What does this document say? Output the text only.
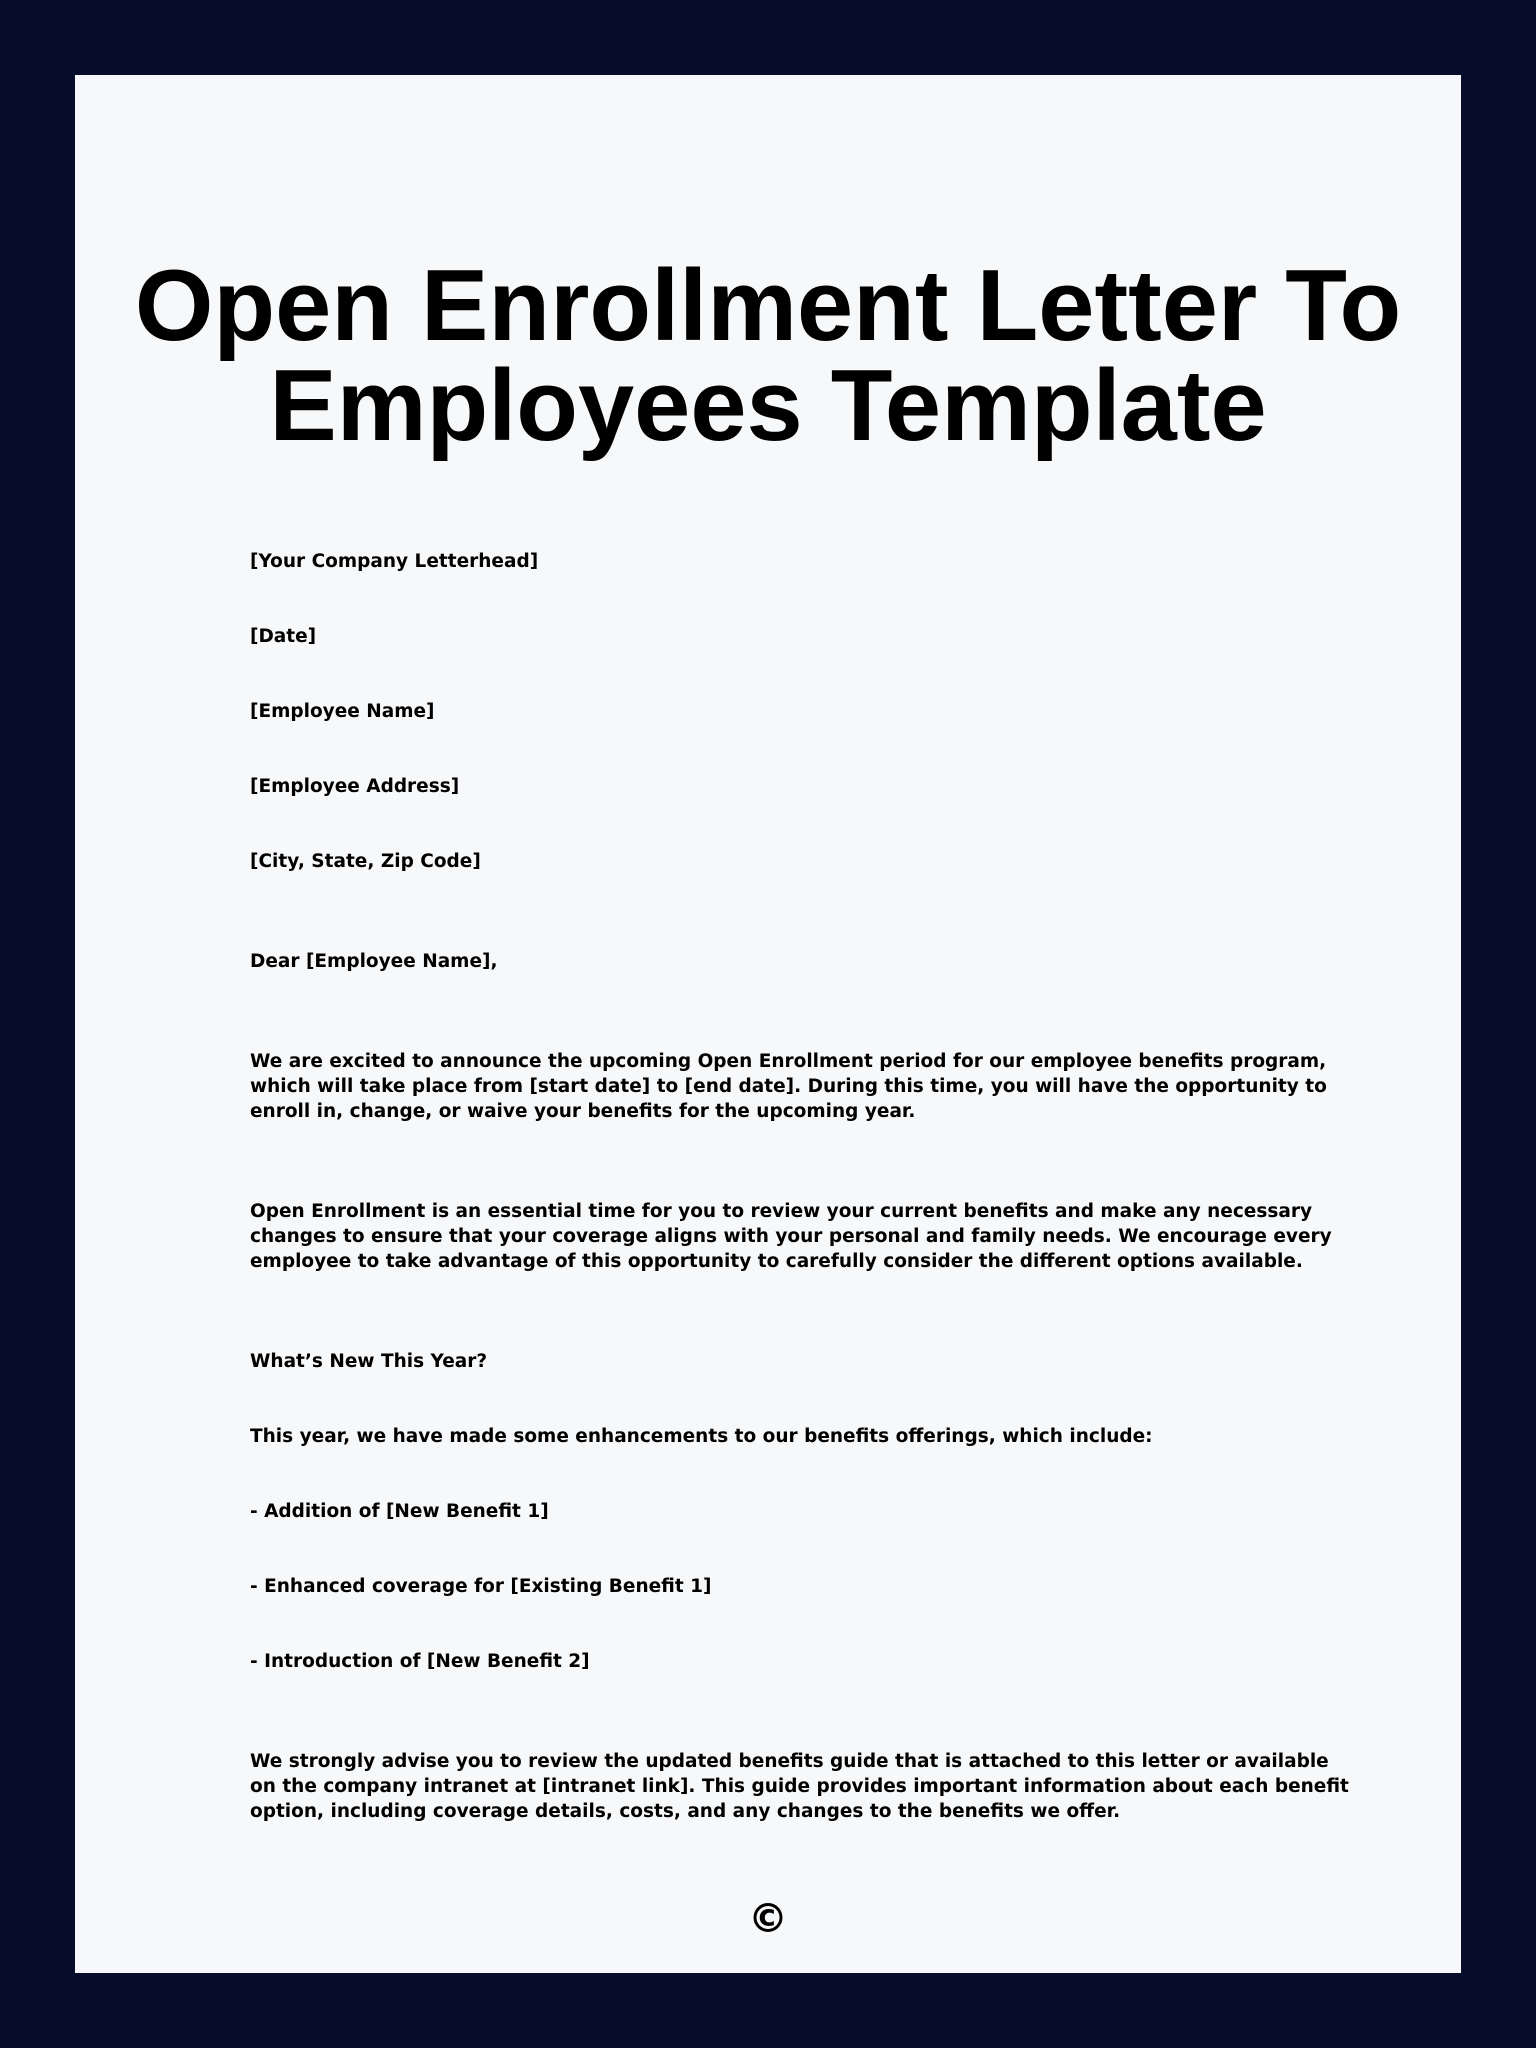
Open Enrollment Letter To Employees Template

[Your Company Letterhead]

[Date]

[Employee Name]

[Employee Address]

[City, State, Zip Code]

Dear [Employee Name],

We are excited to announce the upcoming Open Enrollment period for our employee benefits program, which will take place from [start date] to [end date]. During this time, you will have the opportunity to enroll in, change, or waive your benefits for the upcoming year.

Open Enrollment is an essential time for you to review your current benefits and make any necessary changes to ensure that your coverage aligns with your personal and family needs. We encourage every employee to take advantage of this opportunity to carefully consider the different options available.

What’s New This Year?

This year, we have made some enhancements to our benefits offerings, which include:

- Addition of [New Benefit 1]

- Enhanced coverage for [Existing Benefit 1]

- Introduction of [New Benefit 2]

We strongly advise you to review the updated benefits guide that is attached to this letter or available on the company intranet at [intranet link]. This guide provides important information about each benefit option, including coverage details, costs, and any changes to the benefits we offer.

©
